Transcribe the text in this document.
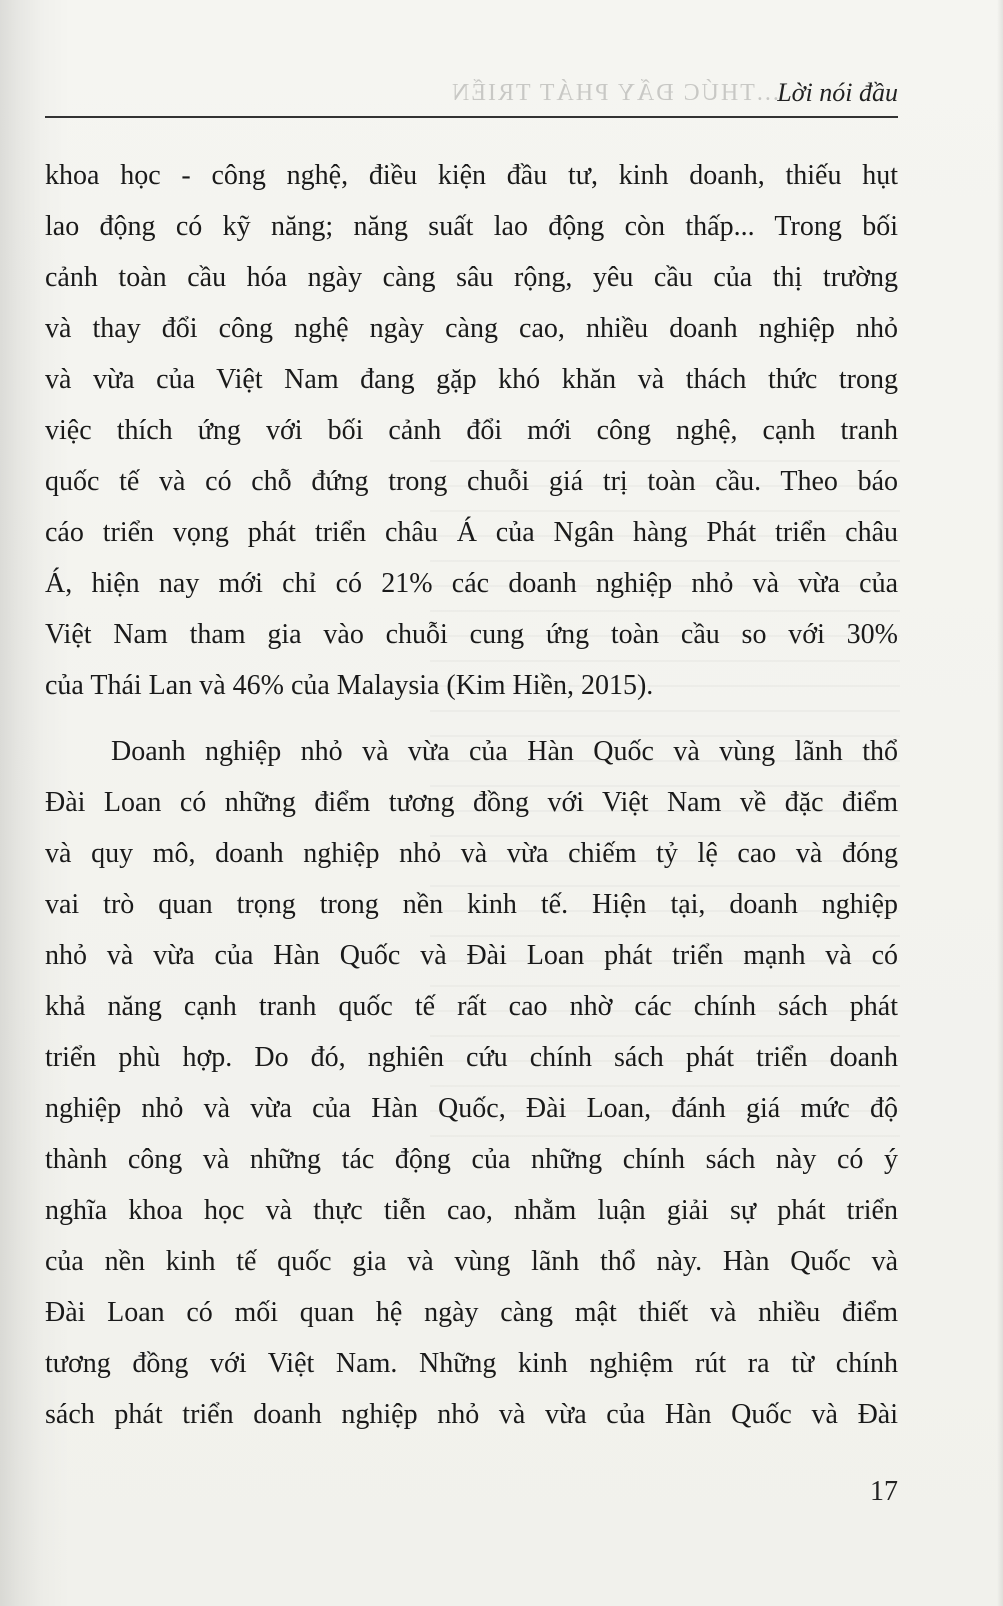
...THÚC ĐẨY PHÁT TRIỂN
Lời nói đầu
khoa học - công nghệ, điều kiện đầu tư, kinh doanh, thiếu hụt
lao động có kỹ năng; năng suất lao động còn thấp... Trong bối
cảnh toàn cầu hóa ngày càng sâu rộng, yêu cầu của thị trường
và thay đổi công nghệ ngày càng cao, nhiều doanh nghiệp nhỏ
và vừa của Việt Nam đang gặp khó khăn và thách thức trong
việc thích ứng với bối cảnh đổi mới công nghệ, cạnh tranh
quốc tế và có chỗ đứng trong chuỗi giá trị toàn cầu. Theo báo
cáo triển vọng phát triển châu Á của Ngân hàng Phát triển châu
Á, hiện nay mới chỉ có 21% các doanh nghiệp nhỏ và vừa của
Việt Nam tham gia vào chuỗi cung ứng toàn cầu so với 30%
của Thái Lan và 46% của Malaysia (Kim Hiền, 2015).
Doanh nghiệp nhỏ và vừa của Hàn Quốc và vùng lãnh thổ
Đài Loan có những điểm tương đồng với Việt Nam về đặc điểm
và quy mô, doanh nghiệp nhỏ và vừa chiếm tỷ lệ cao và đóng
vai trò quan trọng trong nền kinh tế. Hiện tại, doanh nghiệp
nhỏ và vừa của Hàn Quốc và Đài Loan phát triển mạnh và có
khả năng cạnh tranh quốc tế rất cao nhờ các chính sách phát
triển phù hợp. Do đó, nghiên cứu chính sách phát triển doanh
nghiệp nhỏ và vừa của Hàn Quốc, Đài Loan, đánh giá mức độ
thành công và những tác động của những chính sách này có ý
nghĩa khoa học và thực tiễn cao, nhằm luận giải sự phát triển
của nền kinh tế quốc gia và vùng lãnh thổ này. Hàn Quốc và
Đài Loan có mối quan hệ ngày càng mật thiết và nhiều điểm
tương đồng với Việt Nam. Những kinh nghiệm rút ra từ chính
sách phát triển doanh nghiệp nhỏ và vừa của Hàn Quốc và Đài
17
